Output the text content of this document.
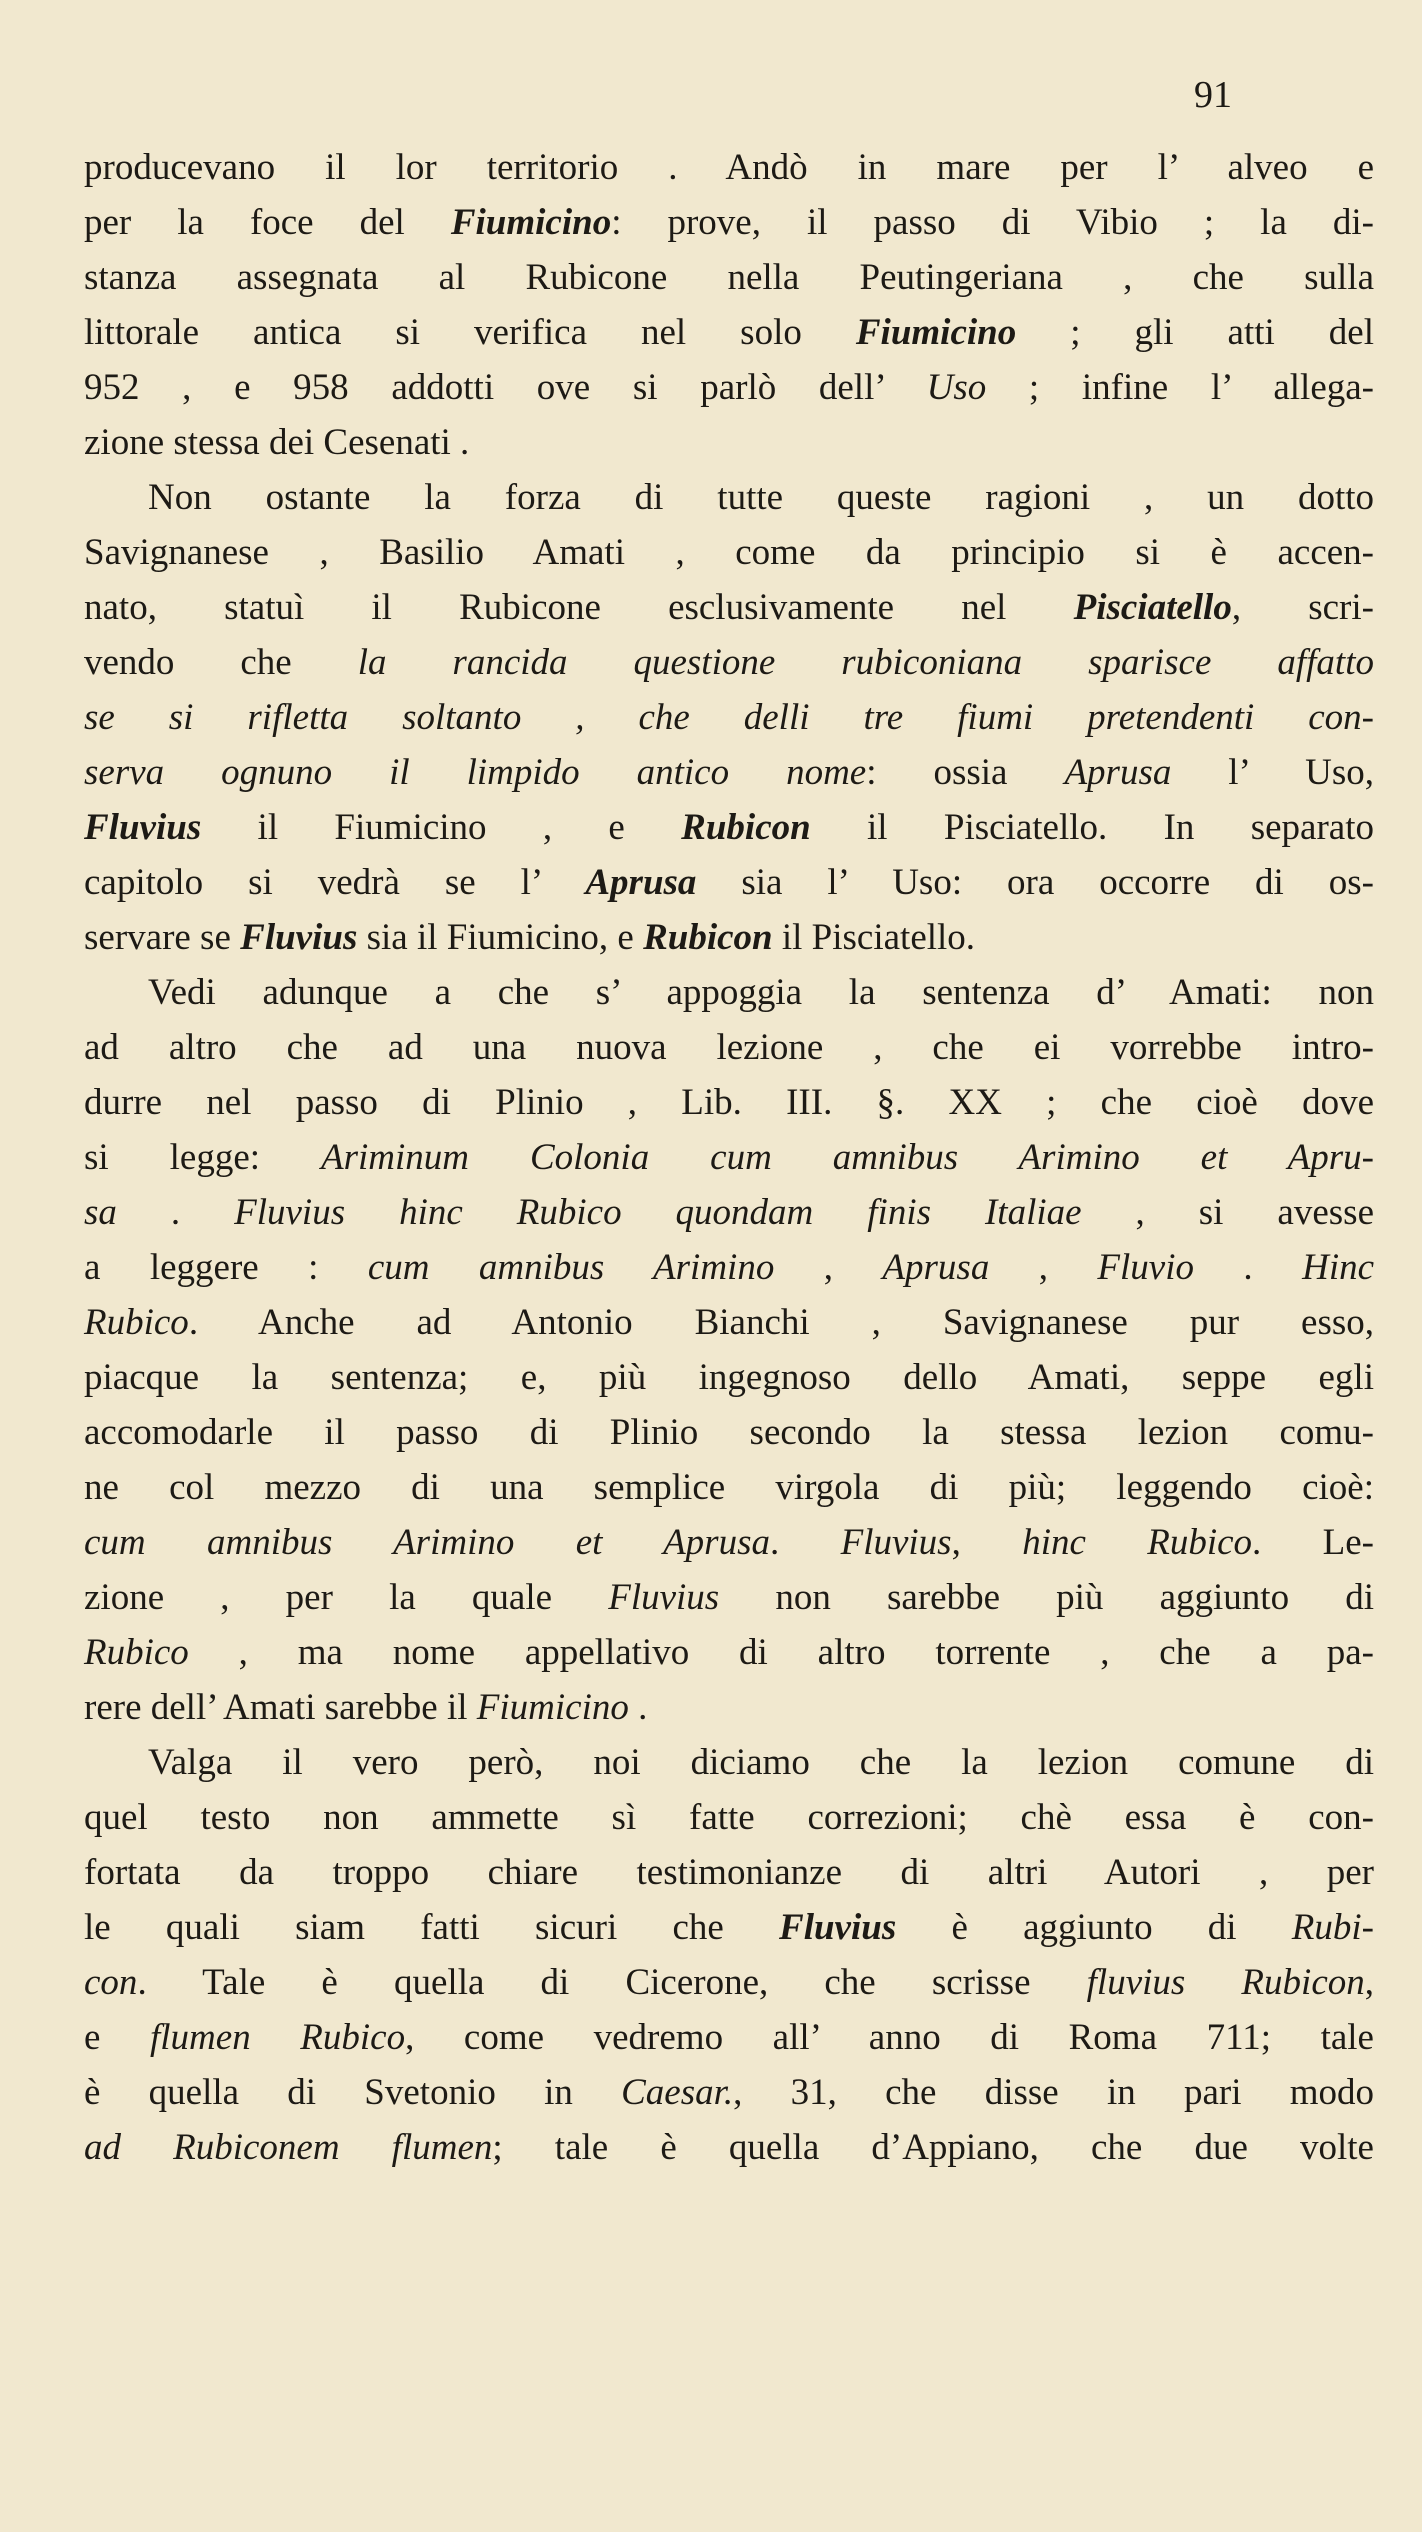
91
producevano il lor territorio . Andò in mare per l’ alveo e
per la foce del Fiumicino: prove, il passo di Vibio ; la di-
stanza assegnata al Rubicone nella Peutingeriana , che sulla
littorale antica si verifica nel solo Fiumicino ; gli atti del
952 , e 958 addotti ove si parlò dell’ Uso ; infine l’ allega-
zione stessa dei Cesenati .
Non ostante la forza di tutte queste ragioni , un dotto
Savignanese , Basilio Amati , come da principio si è accen-
nato, statuì il Rubicone esclusivamente nel Pisciatello, scri-
vendo che la rancida questione rubiconiana sparisce affatto
se si rifletta soltanto , che delli tre fiumi pretendenti con-
serva ognuno il limpido antico nome: ossia Aprusa l’ Uso,
Fluvius il Fiumicino , e Rubicon il Pisciatello. In separato
capitolo si vedrà se l’ Aprusa sia l’ Uso: ora occorre di os-
servare se Fluvius sia il Fiumicino, e Rubicon il Pisciatello.
Vedi adunque a che s’ appoggia la sentenza d’ Amati: non
ad altro che ad una nuova lezione , che ei vorrebbe intro-
durre nel passo di Plinio , Lib. III. §. XX ; che cioè dove
si legge: Ariminum Colonia cum amnibus Arimino et Apru-
sa . Fluvius hinc Rubico quondam finis Italiae , si avesse
a leggere : cum amnibus Arimino , Aprusa , Fluvio . Hinc
Rubico. Anche ad Antonio Bianchi , Savignanese pur esso,
piacque la sentenza; e, più ingegnoso dello Amati, seppe egli
accomodarle il passo di Plinio secondo la stessa lezion comu-
ne col mezzo di una semplice virgola di più; leggendo cioè:
cum amnibus Arimino et Aprusa. Fluvius, hinc Rubico. Le-
zione , per la quale Fluvius non sarebbe più aggiunto di
Rubico , ma nome appellativo di altro torrente , che a pa-
rere dell’ Amati sarebbe il Fiumicino .
Valga il vero però, noi diciamo che la lezion comune di
quel testo non ammette sì fatte correzioni; chè essa è con-
fortata da troppo chiare testimonianze di altri Autori , per
le quali siam fatti sicuri che Fluvius è aggiunto di Rubi-
con. Tale è quella di Cicerone, che scrisse fluvius Rubicon,
e flumen Rubico, come vedremo all’ anno di Roma 711; tale
è quella di Svetonio in Caesar., 31, che disse in pari modo
ad Rubiconem flumen; tale è quella d’Appiano, che due volte
